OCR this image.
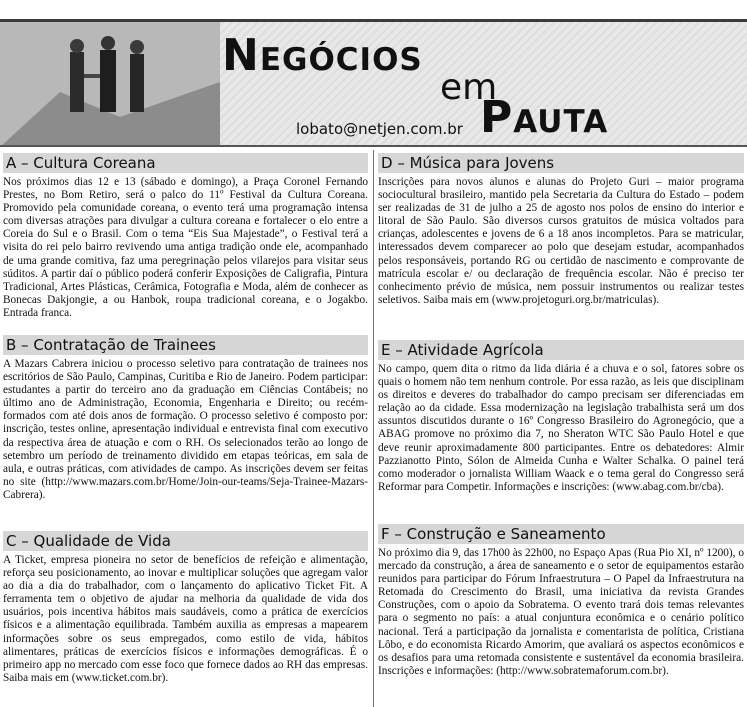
Negócios
em
lobato@netjen.com.br Pauta
A – Cultura Coreana
Nos próximos dias 12 e 13 (sábado e domingo), a Praça Coronel Fernando Prestes, no Bom Retiro, será o palco do 11º Festival da Cultura Coreana. Promovido pela comunidade coreana, o evento terá uma programação intensa com diversas atrações para divulgar a cultura coreana e fortalecer o elo entre a Coreia do Sul e o Brasil. Com o tema “Eis Sua Majestade”, o Festival terá a visita do rei pelo bairro revivendo uma antiga tradição onde ele, acompanhado de uma grande comitiva, faz uma peregrinação pelos vilarejos para visitar seus súditos. A partir daí o público poderá conferir Exposições de Caligrafia, Pintura Tradicional, Artes Plásticas, Cerâmica, Fotografia e Moda, além de conhecer as Bonecas Dakjongie, a ou Hanbok, roupa tradicional coreana, e o Jogakbo. Entrada franca.
B – Contratação de Trainees
A Mazars Cabrera iniciou o processo seletivo para contratação de trainees nos escritórios de São Paulo, Campinas, Curitiba e Rio de Janeiro. Podem participar: estudantes a partir do terceiro ano da graduação em Ciências Contábeis; no último ano de Administração, Economia, Engenharia e Direito; ou recém-formados com até dois anos de formação. O processo seletivo é composto por: inscrição, testes online, apresentação individual e entrevista final com executivo da respectiva área de atuação e com o RH. Os selecionados terão ao longo de setembro um período de treinamento dividido em etapas teóricas, em sala de aula, e outras práticas, com atividades de campo. As inscrições devem ser feitas no site (http://www.mazars.com.br/Home/Join-our-teams/Seja-Trainee-Mazars-Cabrera).
C – Qualidade de Vida
A Ticket, empresa pioneira no setor de benefícios de refeição e alimentação, reforça seu posicionamento, ao inovar e multiplicar soluções que agregam valor ao dia a dia do trabalhador, com o lançamento do aplicativo Ticket Fit. A ferramenta tem o objetivo de ajudar na melhoria da qualidade de vida dos usuários, pois incentiva hábitos mais saudáveis, como a prática de exercícios físicos e a alimentação equilibrada. Também auxilia as empresas a mapearem informações sobre os seus empregados, como estilo de vida, hábitos alimentares, práticas de exercícios físicos e informações demográficas. É o primeiro app no mercado com esse foco que fornece dados ao RH das empresas. Saiba mais em (www.ticket.com.br).
D – Música para Jovens
Inscrições para novos alunos e alunas do Projeto Guri – maior programa sociocultural brasileiro, mantido pela Secretaria da Cultura do Estado – podem ser realizadas de 31 de julho a 25 de agosto nos polos de ensino do interior e litoral de São Paulo. São diversos cursos gratuitos de música voltados para crianças, adolescentes e jovens de 6 a 18 anos incompletos. Para se matricular, interessados devem comparecer ao polo que desejam estudar, acompanhados pelos responsáveis, portando RG ou certidão de nascimento e comprovante de matrícula escolar e/ ou declaração de frequência escolar. Não é preciso ter conhecimento prévio de música, nem possuir instrumentos ou realizar testes seletivos. Saiba mais em (www.projetoguri.org.br/matriculas).
E – Atividade Agrícola
No campo, quem dita o ritmo da lida diária é a chuva e o sol, fatores sobre os quais o homem não tem nenhum controle. Por essa razão, as leis que disciplinam os direitos e deveres do trabalhador do campo precisam ser diferenciadas em relação ao da cidade. Essa modernização na legislação trabalhista será um dos assuntos discutidos durante o 16º Congresso Brasileiro do Agronegócio, que a ABAG promove no próximo dia 7, no Sheraton WTC São Paulo Hotel e que deve reunir aproximadamente 800 participantes. Entre os debatedores: Almir Pazzianotto Pinto, Sólon de Almeida Cunha e Walter Schalka. O painel terá como moderador o jornalista William Waack e o tema geral do Congresso será Reformar para Competir. Informações e inscrições: (www.abag.com.br/cba).
F – Construção e Saneamento
No próximo dia 9, das 17h00 às 22h00, no Espaço Apas (Rua Pio XI, nº 1200), o mercado da construção, a área de saneamento e o setor de equipamentos estarão reunidos para participar do Fórum Infraestrutura – O Papel da Infraestrutura na Retomada do Crescimento do Brasil, uma iniciativa da revista Grandes Construções, com o apoio da Sobratema. O evento trará dois temas relevantes para o segmento no país: a atual conjuntura econômica e o cenário político nacional. Terá a participação da jornalista e comentarista de política, Cristiana Lôbo, e do economista Ricardo Amorim, que avaliará os aspectos econômicos e os desafios para uma retomada consistente e sustentável da economia brasileira. Inscrições e informações: (http://www.sobratemaforum.com.br).
